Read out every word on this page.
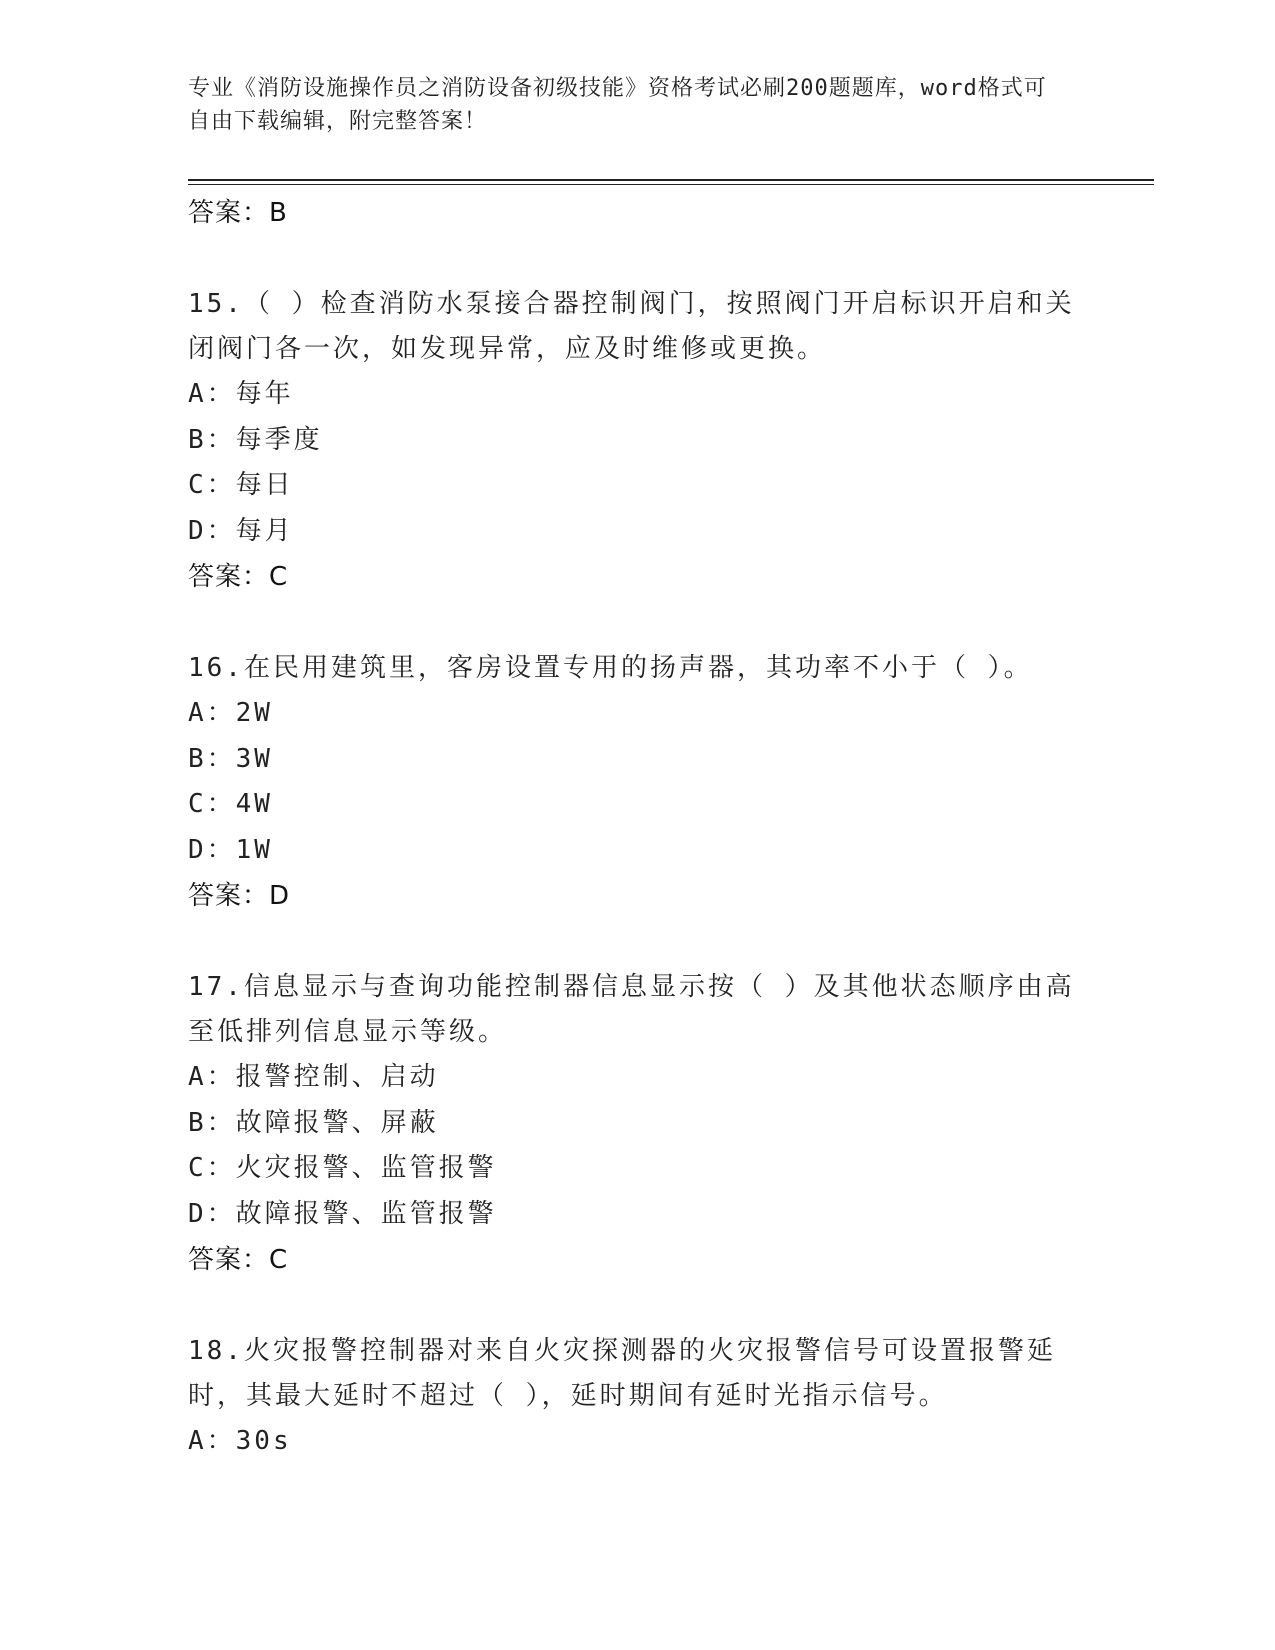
专业《消防设施操作员之消防设备初级技能》资格考试必刷200题题库，word格式可自由下载编辑，附完整答案！
答案：B
15.（ ）检查消防水泵接合器控制阀门，按照阀门开启标识开启和关闭阀门各一次，如发现异常，应及时维修或更换。
A：每年
B：每季度
C：每日
D：每月
答案：C
16.在民用建筑里，客房设置专用的扬声器，其功率不小于（ ）。
A：2W
B：3W
C：4W
D：1W
答案：D
17.信息显示与查询功能控制器信息显示按（ ）及其他状态顺序由高至低排列信息显示等级。
A：报警控制、启动
B：故障报警、屏蔽
C：火灾报警、监管报警
D：故障报警、监管报警
答案：C
18.火灾报警控制器对来自火灾探测器的火灾报警信号可设置报警延时，其最大延时不超过（ ），延时期间有延时光指示信号。
A：30s
